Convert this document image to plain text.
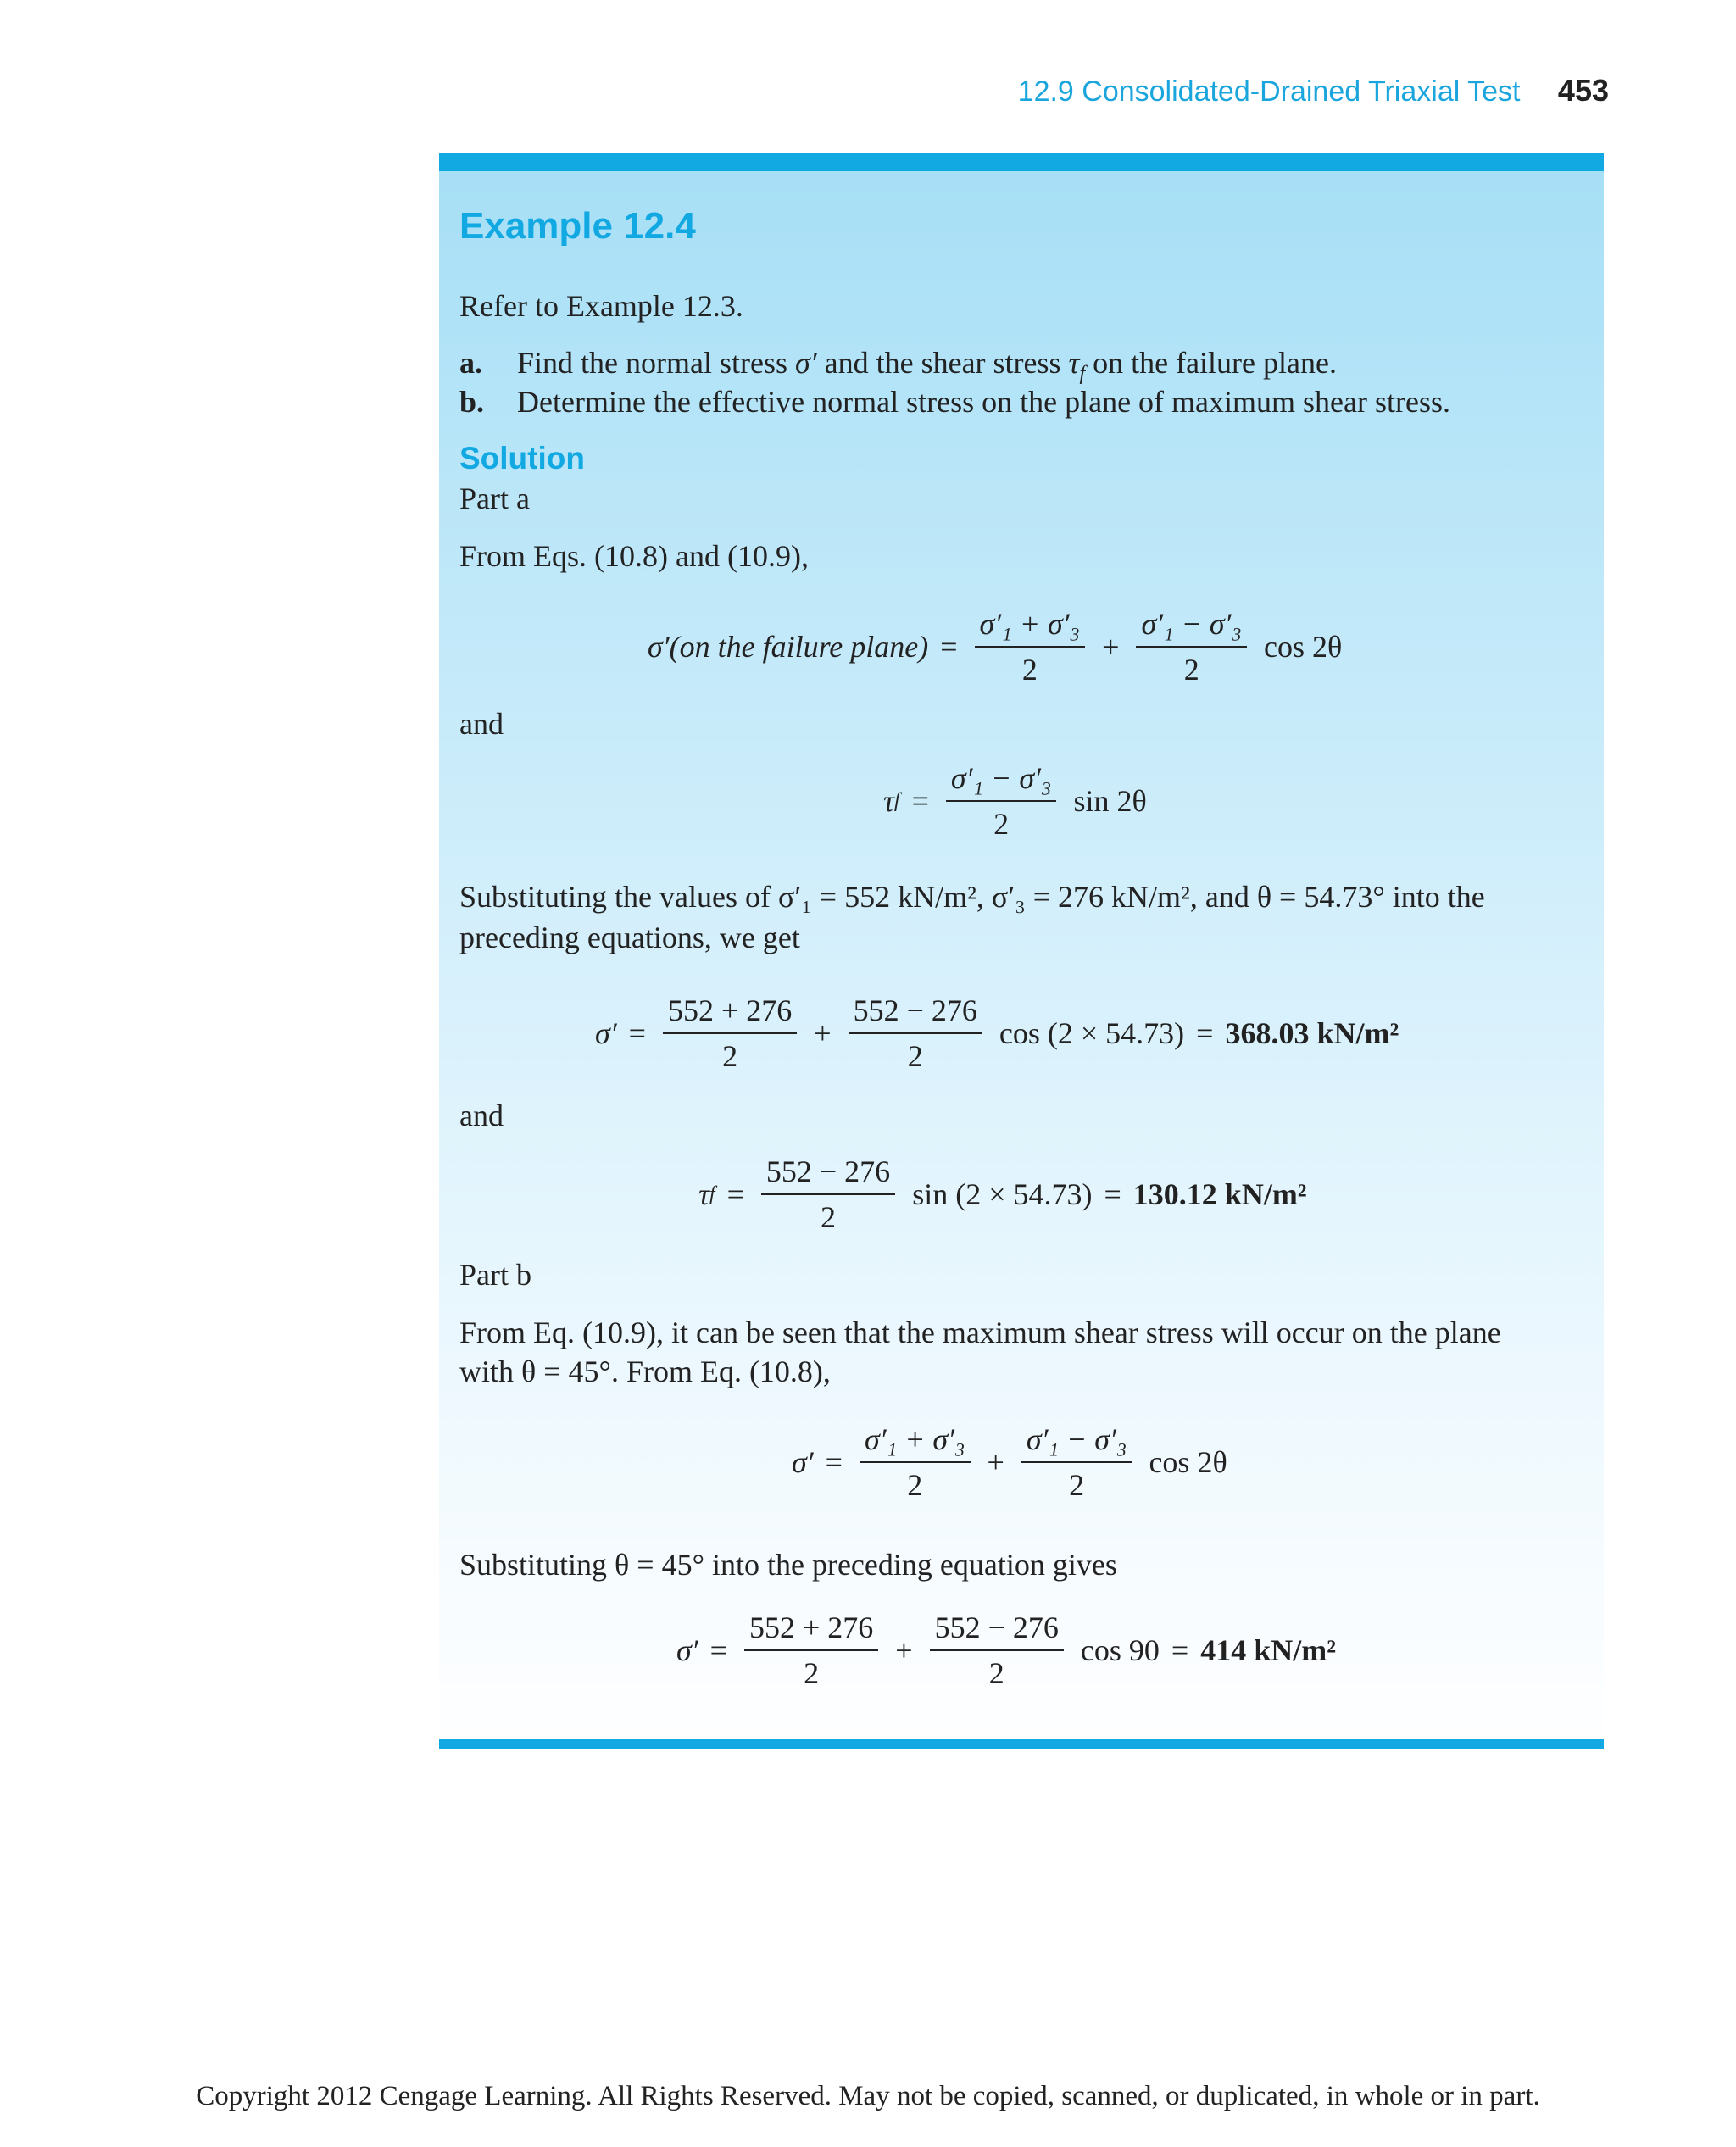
12.9 Consolidated-Drained Triaxial Test 453
Example 12.4
Refer to Example 12.3.
a. Find the normal stress σ′ and the shear stress $\tau_f$ on the failure plane.
b. Determine the effective normal stress on the plane of maximum shear stress.
Solution
Part a
From Eqs. (10.8) and (10.9),
σ′(on the failure plane) = $\frac{\text{σ′₁ + σ′₃}}{2} + \frac{\text{σ′₁ − σ′₃}}{2}$ cos 2θ
and
τ $f = \frac{\text{σ′₁ − σ′₃}}{2}$ sin 2θ
Substituting the values of σ′₁ = 552 kN/m², σ′₃ = 276 kN/m², and θ = 54.73° into the
preceding equations, we get
$\sigma' = \frac{552 + 276}{2} + \frac{552 - 276}{2}$ cos (2 × 54.73) = 368.03 kN/m²
and
τ $f = \frac{552 - 276}{2}$ sin (2 × 54.73) = 130.12 kN/m²
Part b
From Eq. (10.9), it can be seen that the maximum shear stress will occur on the plane
with θ = 45°. From Eq. (10.8),
$\sigma' = \frac{\text{σ′₁ + σ′₃}}{2} + \frac{\text{σ′₁ − σ′₃}}{2}$ cos 2θ
Substituting θ = 45° into the preceding equation gives
$\sigma' = \frac{552 + 276}{2} + \frac{552 - 276}{2}$ cos 90 = 414 kN/m²
Copyright 2012 Cengage Learning. All Rights Reserved. May not be copied, scanned, or duplicated, in whole or in part.
